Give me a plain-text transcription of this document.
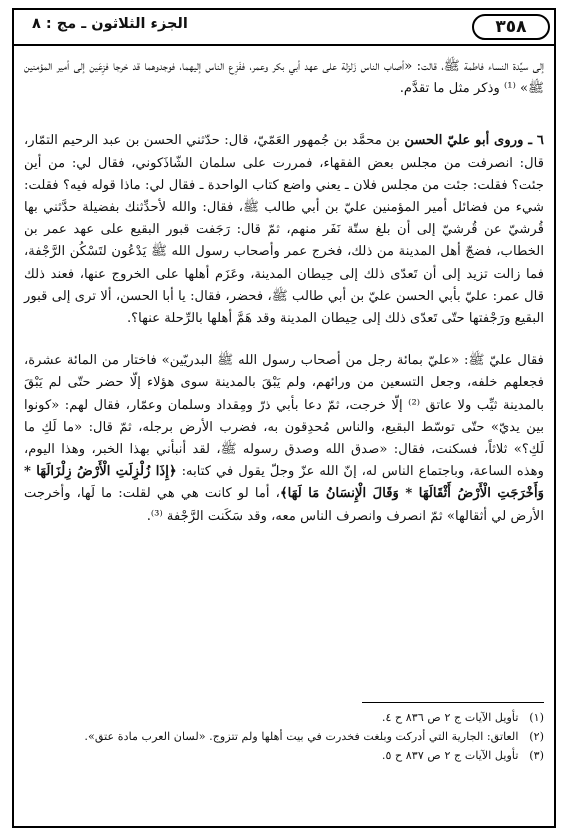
٣٥٨
الجزء الثلاثون ـ مج : ٨

إلى سيِّدة النساء فاطمة ﷺ، قالت: «أصاب الناس زَلزلة على عهد أبي بكر وعمر، ففَزِع الناس إليهما، فوجدوهما قد خرجا فزِعَين إلى أمير المؤمنين ﷺ» ⁽¹⁾ وذكر مثل ما تقدَّم.

٦ ـ وروى أبو عليّ الحسن بن محمَّد بن جُمهور العَمّيّ، قال: حدّثني الحسن بن عبد الرحيم التمّار، قال: انصرفت من مجلس بعض الفقهاء، فمررت على سلمان الشّاذَكوني، فقال لي: من أين جئت؟ فقلت: جئت من مجلس فلان ـ يعني واضع كتاب الواحدة ـ فقال لي: ماذا قوله فيه؟ فقلت: شيء من فضائل أمير المؤمنين عليّ بن أبي طالب ﷺ، فقال: والله لأحدِّثنك بفضيلة حدَّثني بها قُرشيّ عن قُرشيّ إلى أن بلغ ستّة نَفَر منهم، ثمّ قال: رَجَفت قبور البقيع على عهد عمر بن الخطاب، فضجّ أهل المدينة من ذلك، فخرج عمر وأصحاب رسول الله ﷺ يَدْعُون لتَسْكُن الرَّجْفة، فما زالت تزيد إلى أن تَعدّى ذلك إلى حِيطان المدينة، وعَزَم أهلها على الخروج عنها، فعند ذلك قال عمر: عليّ بأبي الحسن عليّ بن أبي طالب ﷺ، فحضر، فقال: يا أبا الحسن، ألا ترى إلى قبور البقيع ورَجْفتها حتّى تَعدّى ذلك إلى حِيطان المدينة وقد هَمَّ أهلها بالرِّحلة عنها؟.

فقال عليّ ﷺ: «عليّ بمائة رجل من أصحاب رسول الله ﷺ البدريّين» فاختار من المائة عشرة، فجعلهم خلفه، وجعل التسعين من ورائهم، ولم يَبْقَ بالمدينة سوى هؤلاء إلّا حضر حتّى لم يَبْقَ بالمدينة ثيِّب ولا عاتق ⁽²⁾ إلّا خرجت، ثمّ دعا بأبي ذرّ ومِقداد وسلمان وعمّار، فقال لهم: «كونوا بين يديّ» حتّى توسّط البقيع، والناس مُحدِقون به، فضرب الأرض برجله، ثمّ قال: «ما لَكِ ما لَكِ؟» ثلاثاً، فسكنت، فقال: «صدق الله وصدق رسوله ﷺ، لقد أنبأني بهذا الخبر، وهذا اليوم، وهذه الساعة، وباجتماع الناس له، إنّ الله عزّ وجلّ يقول في كتابه: ﴿إِذَا زُلْزِلَتِ الْأَرْضُ زِلْزَالَهَا * وَأَخْرَجَتِ الْأَرْضُ أَثْقَالَهَا * وَقَالَ الْإِنسَانُ مَا لَهَا﴾، أما لو كانت هي هي لقلت: ما لَها، وأخرجت الأرض لي أثقالها» ثمّ انصرف وانصرف الناس معه، وقد سَكَنت الرَّجْفة ⁽³⁾.

(١) تأويل الآيات ج ٢ ص ٨٣٦ ح ٤.
(٢) العاتق: الجارية التي أدركت وبلغت فخدرت في بيت أهلها ولم تتزوج. «لسان العرب مادة عتق».
(٣) تأويل الآيات ج ٢ ص ٨٣٧ ح ٥.
